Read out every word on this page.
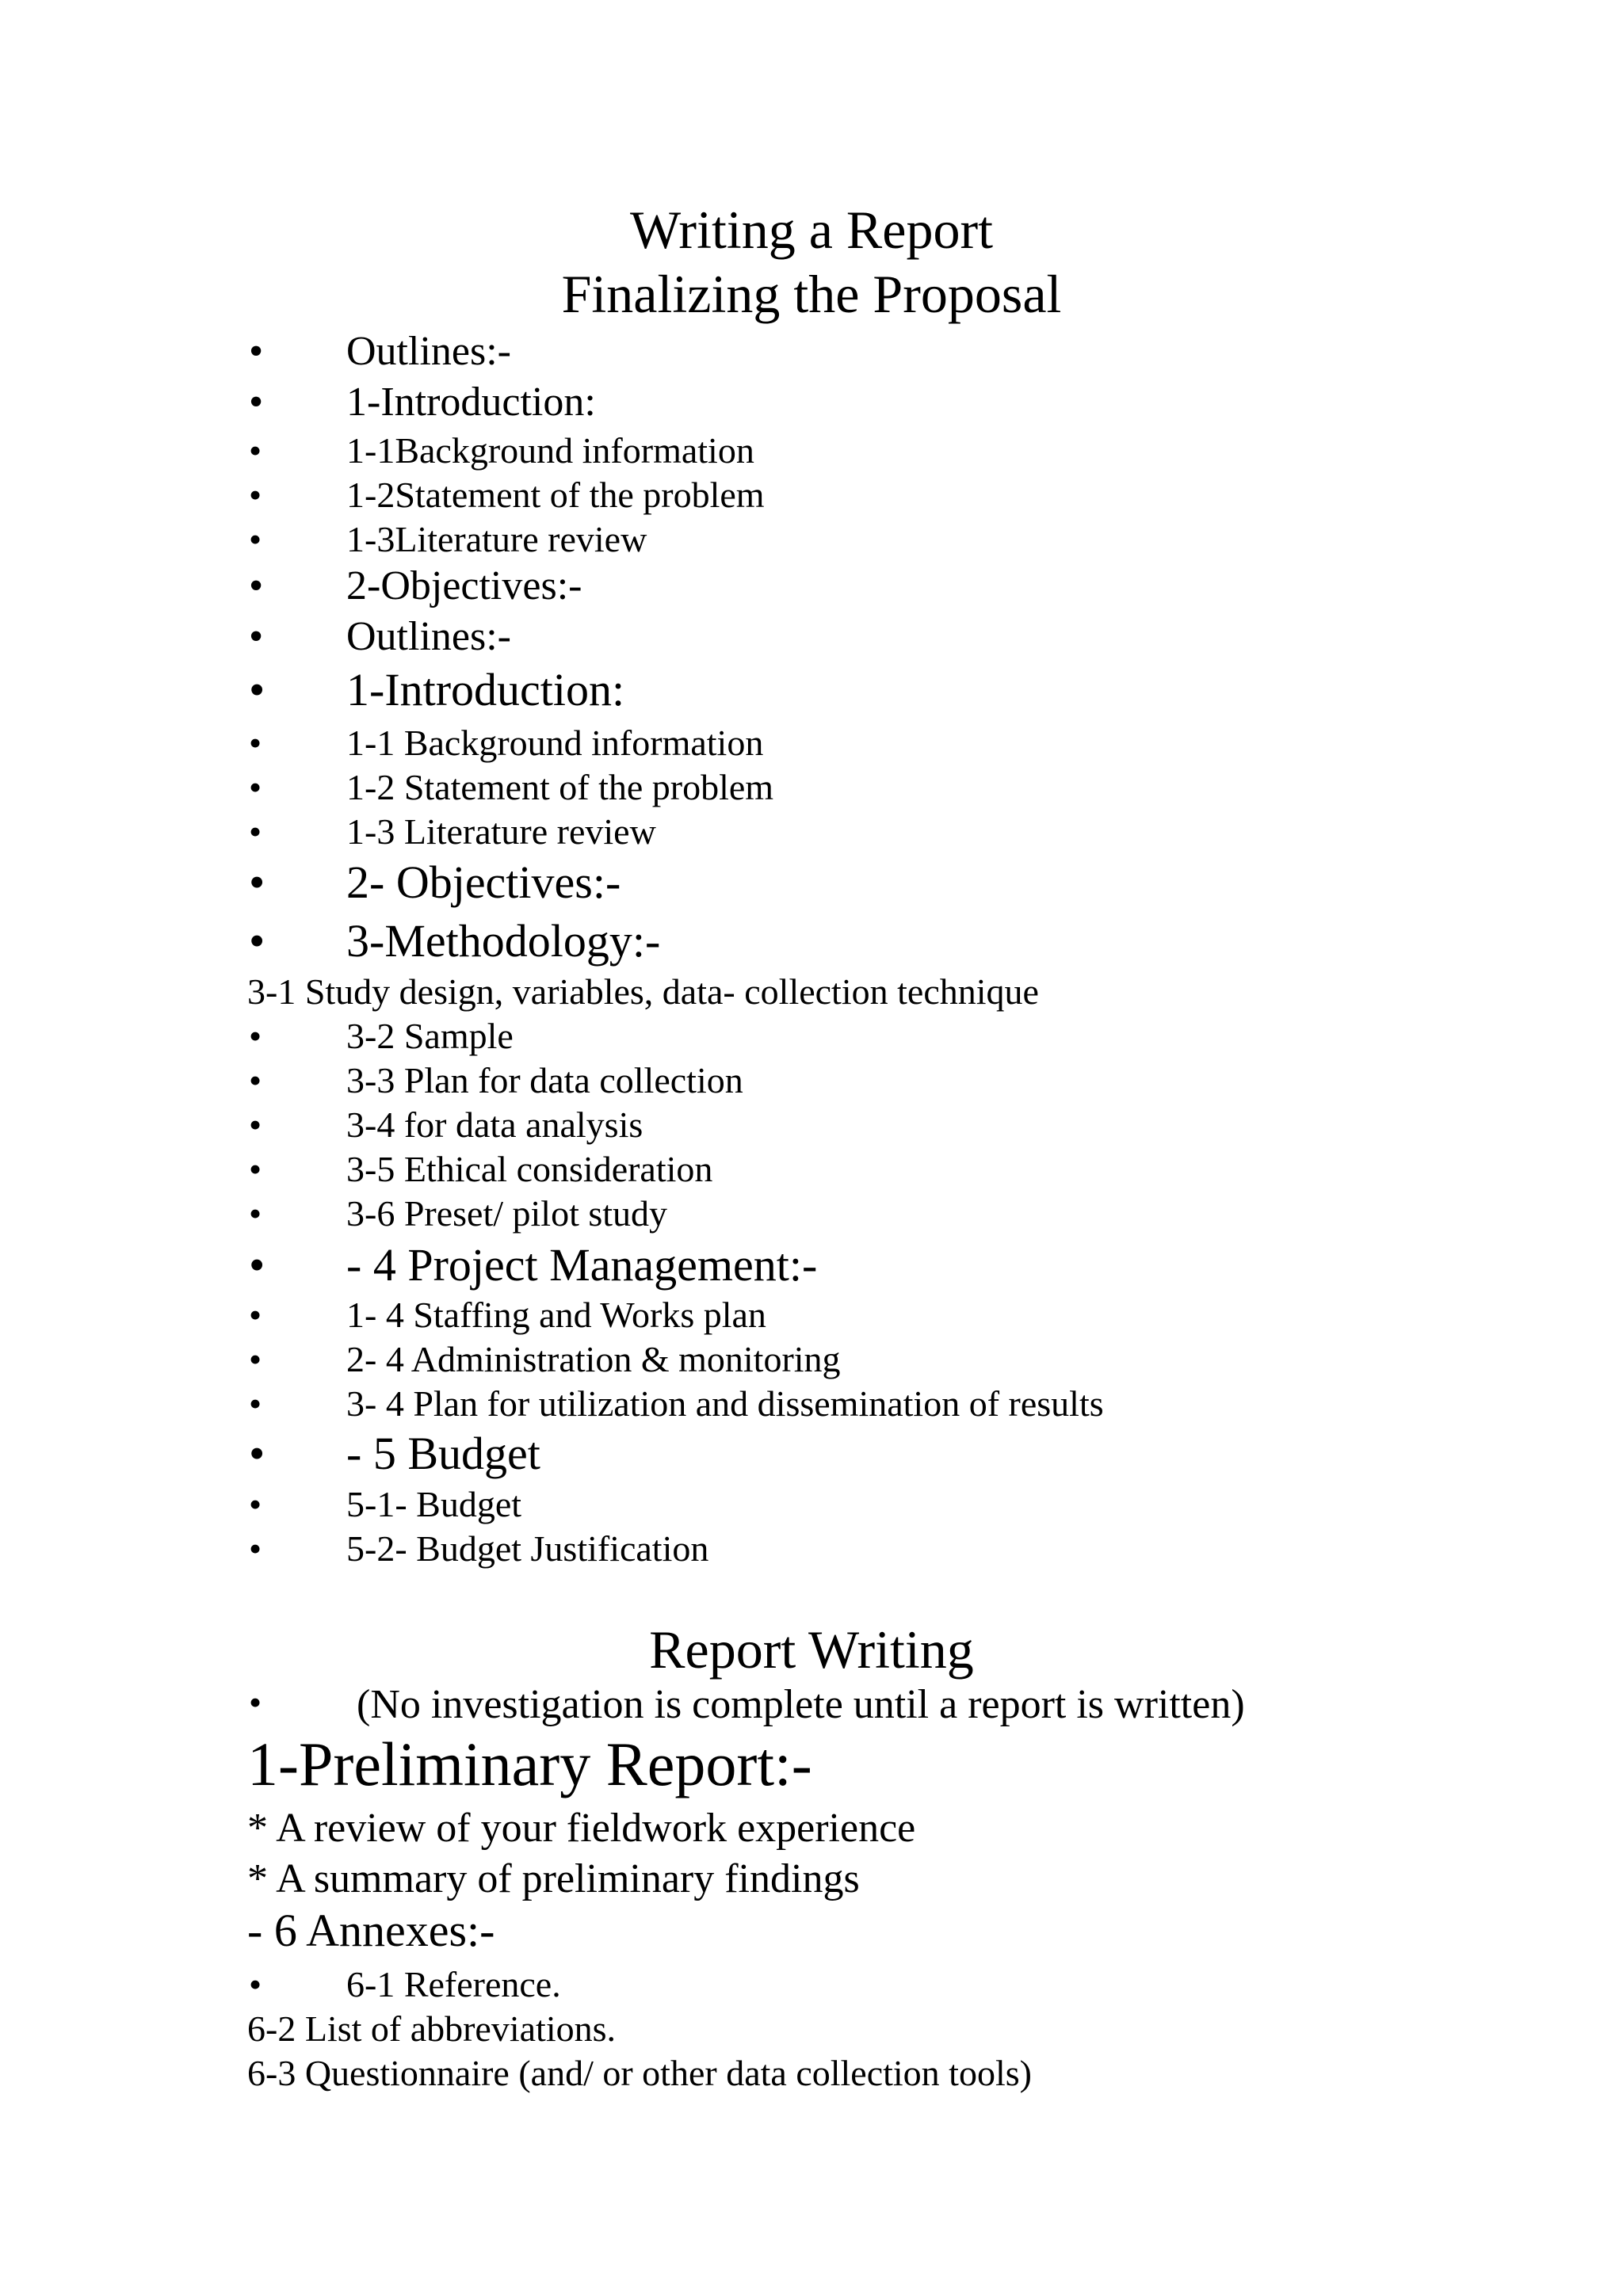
Writing a Report
Finalizing the Proposal
• Outlines:-
• 1-Introduction:
• 1-1Background information
• 1-2Statement of the problem
• 1-3Literature review
• 2-Objectives:-
• Outlines:-
• 1-Introduction:
• 1-1 Background information
• 1-2 Statement of the problem
• 1-3 Literature review
• 2- Objectives:-
• 3-Methodology:-
3-1 Study design, variables, data- collection technique
• 3-2 Sample
• 3-3 Plan for data collection
• 3-4 for data analysis
• 3-5 Ethical consideration
• 3-6 Preset/ pilot study
• - 4 Project Management:-
• 1- 4 Staffing and Works plan
• 2- 4 Administration & monitoring
• 3- 4 Plan for utilization and dissemination of results
• - 5 Budget
• 5-1- Budget
• 5-2- Budget Justification
Report Writing
• (No investigation is complete until a report is written)
1-Preliminary Report:-
* A review of your fieldwork experience
* A summary of preliminary findings
- 6 Annexes:-
• 6-1 Reference.
6-2 List of abbreviations.
6-3 Questionnaire (and/ or other data collection tools)
